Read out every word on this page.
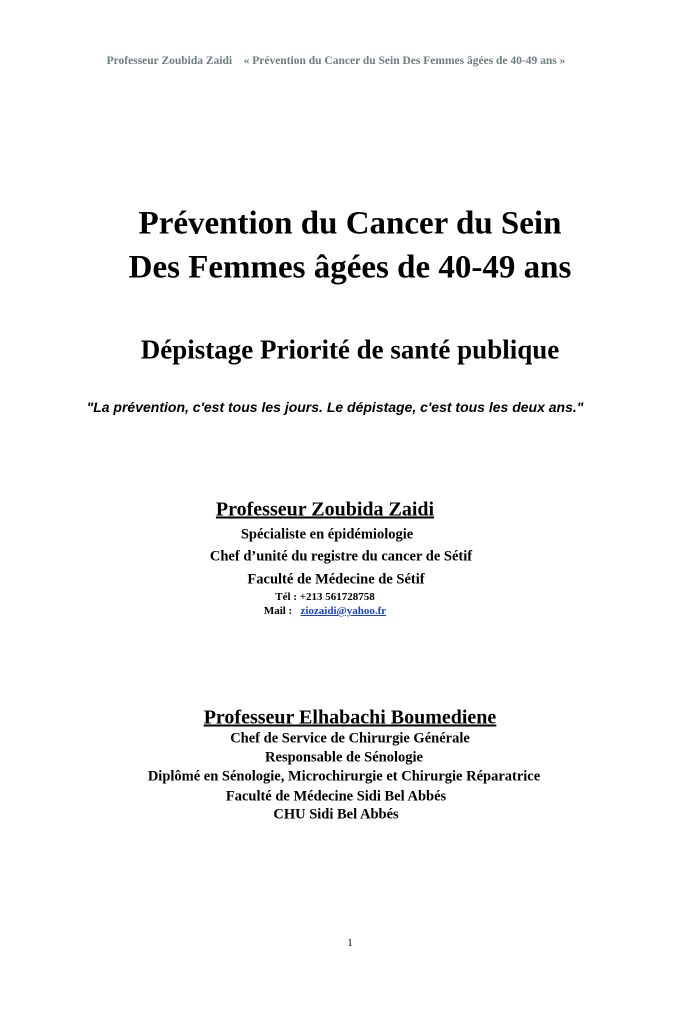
Professeur Zoubida Zaidi « Prévention du Cancer du Sein Des Femmes âgées de 40-49 ans »
Prévention du Cancer du Sein
Des Femmes âgées de 40-49 ans
Dépistage Priorité de santé publique
"La prévention, c'est tous les jours. Le dépistage, c'est tous les deux ans."
Professeur Zoubida Zaidi
Spécialiste en épidémiologie
Chef d’unité du registre du cancer de Sétif
Faculté de Médecine de Sétif
Tél : +213 561728758
Mail : ziozaidi@yahoo.fr
Professeur Elhabachi Boumediene
Chef de Service de Chirurgie Générale
Responsable de Sénologie
Diplômé en Sénologie, Microchirurgie et Chirurgie Réparatrice
Faculté de Médecine Sidi Bel Abbés
CHU Sidi Bel Abbés
1
